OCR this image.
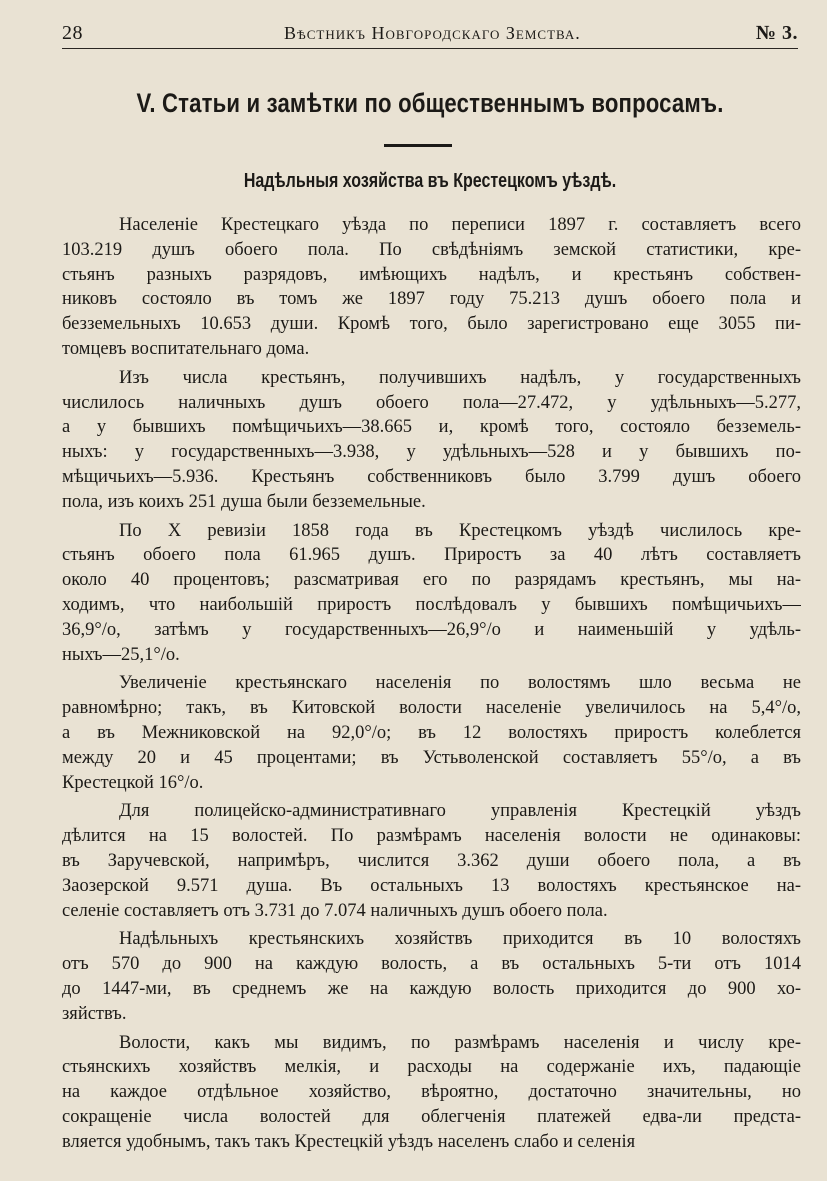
28	Вѣстникъ Новгородскаго Земства.	№ 3.
V. Статьи и замѣтки по общественнымъ вопросамъ.
Надѣльныя хозяйства въ Крестецкомъ уѣздѣ.
Населеніе Крестецкаго уѣзда по переписи 1897 г. составляетъ всего
103.219 душъ обоего пола. По свѣдѣніямъ земской статистики, кре-
стьянъ разныхъ разрядовъ, имѣющихъ надѣлъ, и крестьянъ собствен-
никовъ состояло въ томъ же 1897 году 75.213 душъ обоего пола и
безземельныхъ 10.653 души. Кромѣ того, было зарегистровано еще 3055 пи-
томцевъ воспитательнаго дома.
Изъ числа крестьянъ, получившихъ надѣлъ, у государственныхъ
числилось наличныхъ душъ обоего пола—27.472, у удѣльныхъ—5.277,
а у бывшихъ помѣщичьихъ—38.665 и, кромѣ того, состояло безземель-
ныхъ: у государственныхъ—3.938, у удѣльныхъ—528 и у бывшихъ по-
мѣщичьихъ—5.936. Крестьянъ собственниковъ было 3.799 душъ обоего
пола, изъ коихъ 251 душа были безземельные.
По X ревизіи 1858 года въ Крестецкомъ уѣздѣ числилось кре-
стьянъ обоего пола 61.965 душъ. Приростъ за 40 лѣтъ составляетъ
около 40 процентовъ; разсматривая его по разрядамъ крестьянъ, мы на-
ходимъ, что наибольшій приростъ послѣдовалъ у бывшихъ помѣщичьихъ—
36,9°/о, затѣмъ у государственныхъ—26,9°/о и наименьшій у удѣль-
ныхъ—25,1°/о.
Увеличеніе крестьянскаго населенія по волостямъ шло весьма не
равномѣрно; такъ, въ Китовской волости населеніе увеличилось на 5,4°/о,
а въ Межниковской на 92,0°/о; въ 12 волостяхъ приростъ колеблется
между 20 и 45 процентами; въ Устьволенской составляетъ 55°/о, а въ
Крестецкой 16°/о.
Для полицейско-административнаго управленія Крестецкій уѣздъ
дѣлится на 15 волостей. По размѣрамъ населенія волости не одинаковы:
въ Заручевской, напримѣръ, числится 3.362 души обоего пола, а въ
Заозерской 9.571 душа. Въ остальныхъ 13 волостяхъ крестьянское на-
селеніе составляетъ отъ 3.731 до 7.074 наличныхъ душъ обоего пола.
Надѣльныхъ крестьянскихъ хозяйствъ приходится въ 10 волостяхъ
отъ 570 до 900 на каждую волость, а въ остальныхъ 5-ти отъ 1014
до 1447-ми, въ среднемъ же на каждую волость приходится до 900 хо-
зяйствъ.
Волости, какъ мы видимъ, по размѣрамъ населенія и числу кре-
стьянскихъ хозяйствъ мелкія, и расходы на содержаніе ихъ, падающіе
на каждое отдѣльное хозяйство, вѣроятно, достаточно значительны, но
сокращеніе числа волостей для облегченія платежей едва-ли предста-
вляется удобнымъ, такъ такъ Крестецкій уѣздъ населенъ слабо и селенія
